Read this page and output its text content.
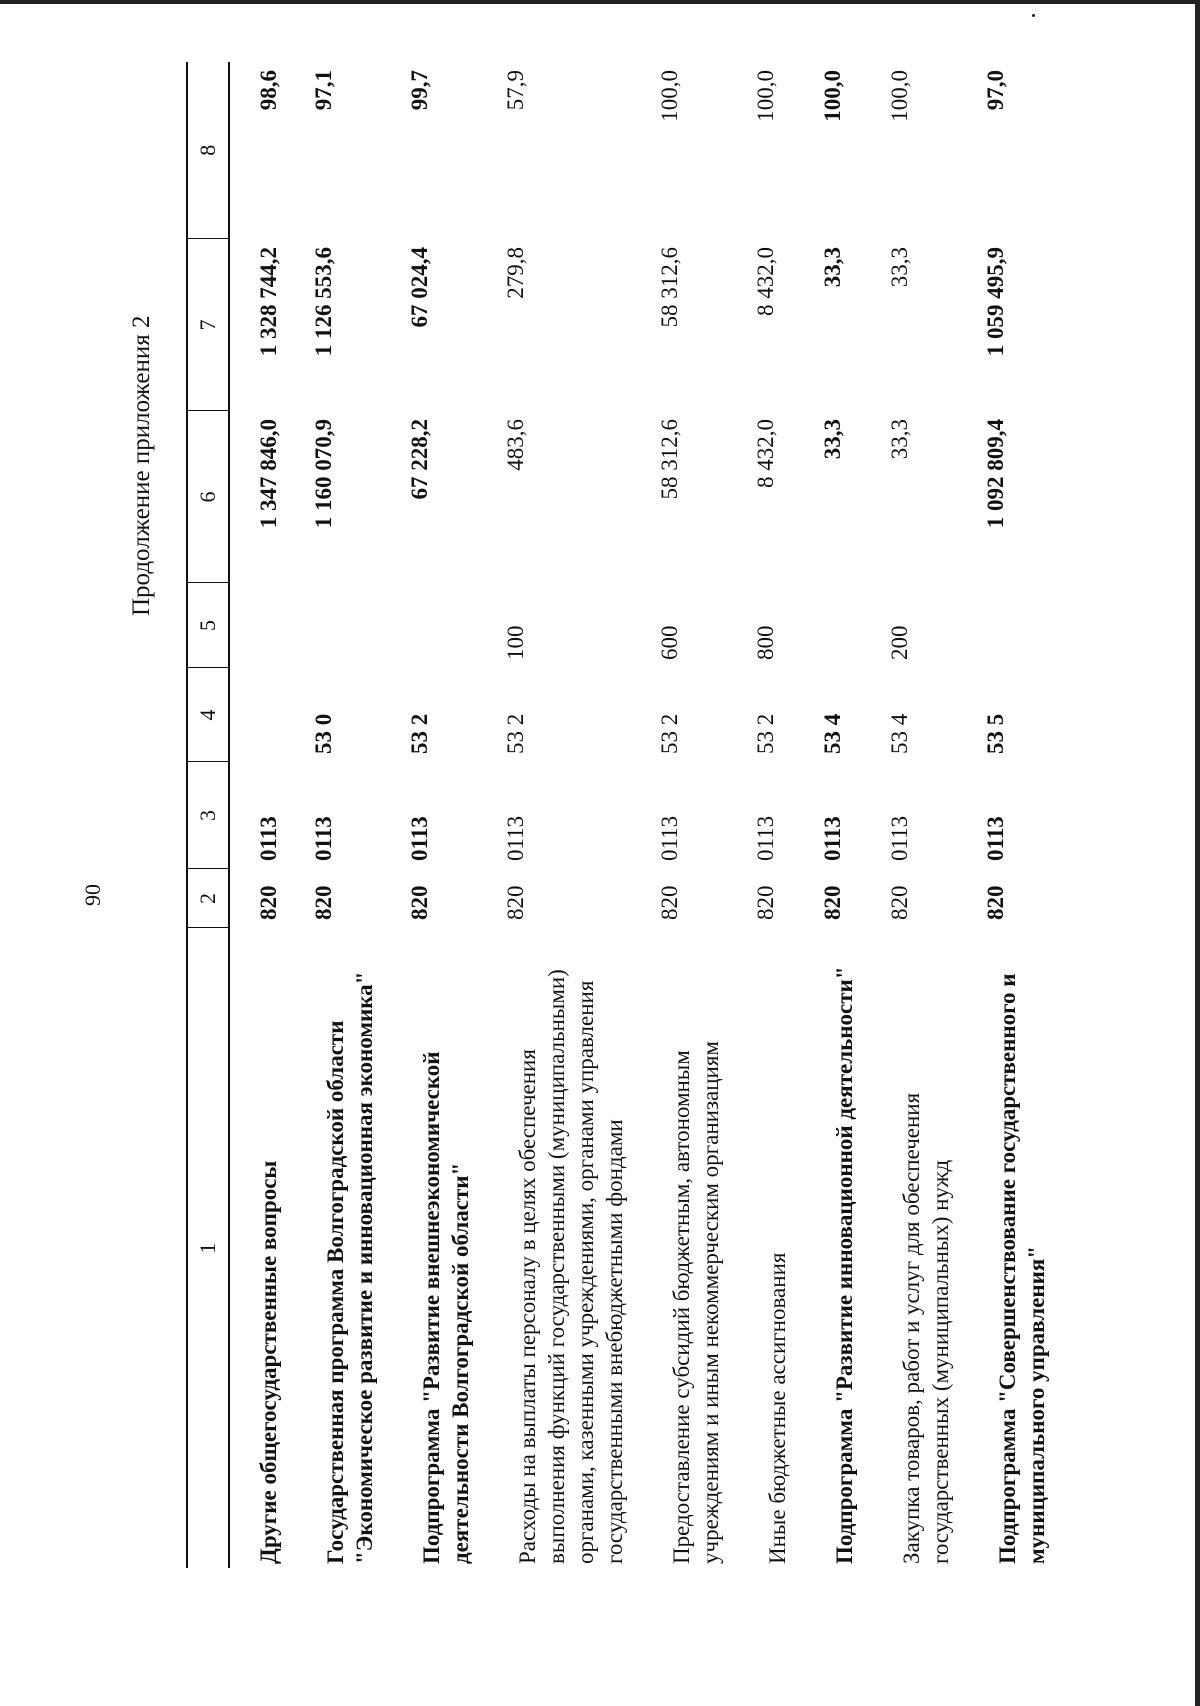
90
Продолжение приложения 2
1	2	3	4	5	6	7	8
Другие общегосударственные вопросы	820	0113			1 347 846,0	1 328 744,2	98,6
Государственная программа Волгоградской области "Экономическое развитие и инновационная экономика"	820	0113	53 0		1 160 070,9	1 126 553,6	97,1
Подпрограмма "Развитие внешнеэкономической деятельности Волгоградской области"	820	0113	53 2		67 228,2	67 024,4	99,7
Расходы на выплаты персоналу в целях обеспечения выполнения функций государственными (муниципальными) органами, казенными учреждениями, органами управления государственными внебюджетными фондами	820	0113	53 2	100	483,6	279,8	57,9
Предоставление субсидий бюджетным, автономным учреждениям и иным некоммерческим организациям	820	0113	53 2	600	58 312,6	58 312,6	100,0
Иные бюджетные ассигнования	820	0113	53 2	800	8 432,0	8 432,0	100,0
Подпрограмма "Развитие инновационной деятельности"	820	0113	53 4		33,3	33,3	100,0
Закупка товаров, работ и услуг для обеспечения государственных (муниципальных) нужд	820	0113	53 4	200	33,3	33,3	100,0
Подпрограмма "Совершенствование государственного и муниципального управления"	820	0113	53 5		1 092 809,4	1 059 495,9	97,0
